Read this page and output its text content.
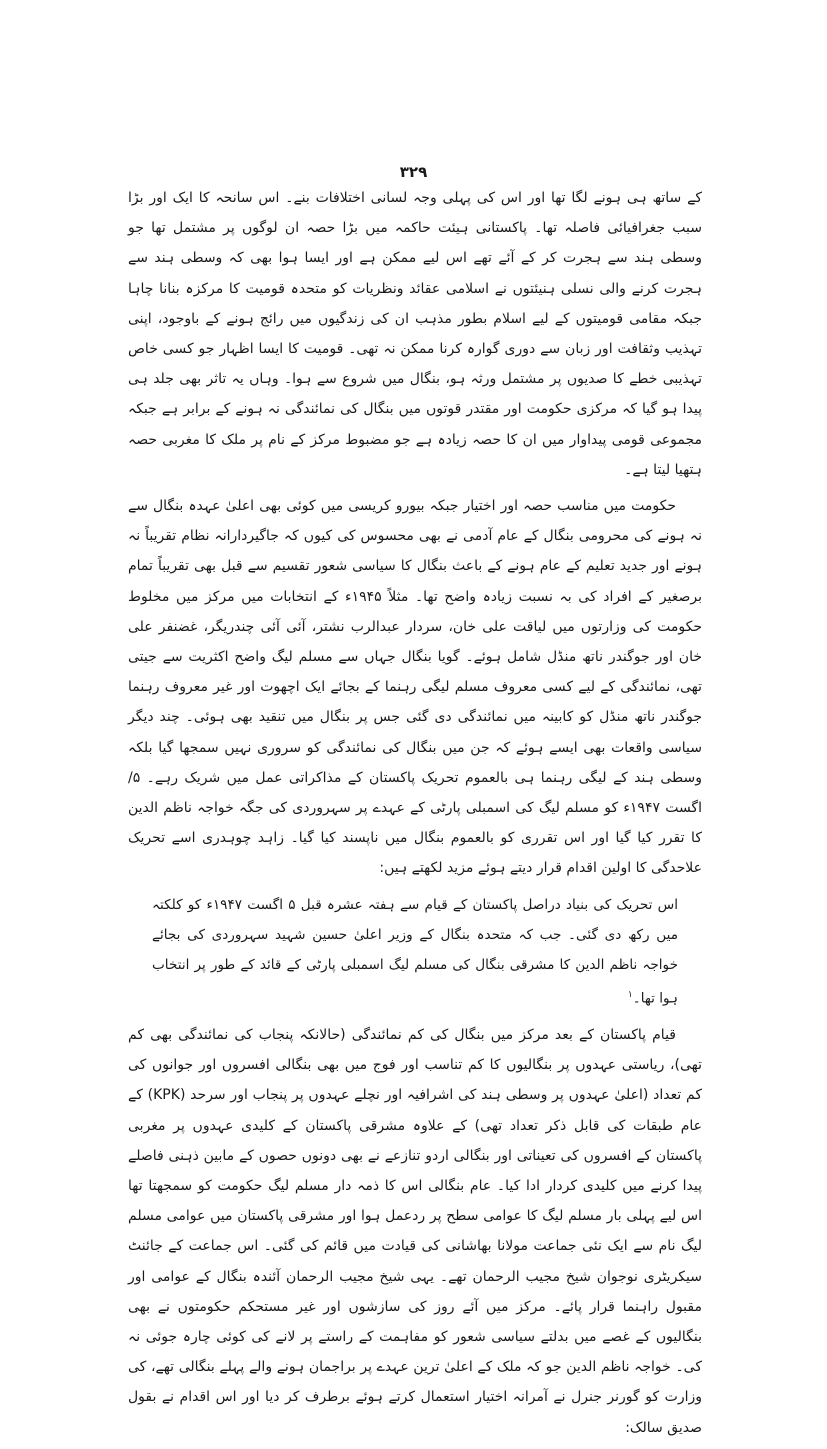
۳۲۹

کے ساتھ ہی ہونے لگا تھا اور اس کی پہلی وجہ لسانی اختلافات بنے۔ اس سانحہ کا ایک اور بڑا سبب جغرافیائی فاصلہ تھا۔ پاکستانی ہیئت حاکمہ میں بڑا حصہ ان لوگوں پر مشتمل تھا جو وسطی ہند سے ہجرت کر کے آئے تھے اس لیے ممکن ہے اور ایسا ہوا بھی کہ وسطی ہند سے ہجرت کرنے والی نسلی ہنیئتوں نے اسلامی عقائد ونظریات کو متحدہ قومیت کا مرکزہ بنانا چاہا جبکہ مقامی قومیتوں کے لیے اسلام بطور مذہب ان کی زندگیوں میں رائج ہونے کے باوجود، اپنی تہذیب وثقافت اور زبان سے دوری گوارہ کرنا ممکن نہ تھی۔ قومیت کا ایسا اظہار جو کسی خاص تہذیبی خطے کا صدیوں پر مشتمل ورثہ ہو، بنگال میں شروع سے ہوا۔ وہاں یہ تاثر بھی جلد ہی پیدا ہو گیا کہ مرکزی حکومت اور مقتدر قوتوں میں بنگال کی نمائندگی نہ ہونے کے برابر ہے جبکہ مجموعی قومی پیداوار میں ان کا حصہ زیادہ ہے جو مضبوط مرکز کے نام پر ملک کا مغربی حصہ ہتھیا لیتا ہے۔

حکومت میں مناسب حصہ اور اختیار جبکہ بیورو کریسی میں کوئی بھی اعلیٰ عہدہ بنگال سے نہ ہونے کی محرومی بنگال کے عام آدمی نے بھی محسوس کی کیوں کہ جاگیردارانہ نظام تقریباً نہ ہونے اور جدید تعلیم کے عام ہونے کے باعث بنگال کا سیاسی شعور تقسیم سے قبل بھی تقریباً تمام برصغیر کے افراد کی بہ نسبت زیادہ واضح تھا۔ مثلاً ۱۹۴۵ء کے انتخابات میں مرکز میں مخلوط حکومت کی وزارتوں میں لیاقت علی خان، سردار عبدالرب نشتر، آئی آئی چندریگر، غضنفر علی خان اور جوگندر ناتھ منڈل شامل ہوئے۔ گویا بنگال جہاں سے مسلم لیگ واضح اکثریت سے جیتی تھی، نمائندگی کے لیے کسی معروف مسلم لیگی رہنما کے بجائے ایک اچھوت اور غیر معروف رہنما جوگندر ناتھ منڈل کو کابینہ میں نمائندگی دی گئی جس پر بنگال میں تنقید بھی ہوئی۔ چند دیگر سیاسی واقعات بھی ایسے ہوئے کہ جن میں بنگال کی نمائندگی کو سروری نہیں سمجھا گیا بلکہ وسطی ہند کے لیگی رہنما ہی بالعموم تحریک پاکستان کے مذاکراتی عمل میں شریک رہے۔ ۵/اگست ۱۹۴۷ء کو مسلم لیگ کی اسمبلی پارٹی کے عہدے پر سہروردی کی جگہ خواجہ ناظم الدین کا تقرر کیا گیا اور اس تقرری کو بالعموم بنگال میں ناپسند کیا گیا۔ زاہد چوہدری اسے تحریک علاحدگی کا اولین اقدام قرار دیتے ہوئے مزید لکھتے ہیں:

اس تحریک کی بنیاد دراصل پاکستان کے قیام سے ہفتہ عشرہ قبل ۵ اگست ۱۹۴۷ء کو کلکتہ میں رکھ دی گئی۔ جب کہ متحدہ بنگال کے وزیر اعلیٰ حسین شہید سہروردی کی بجائے خواجہ ناظم الدین کا مشرقی بنگال کی مسلم لیگ اسمبلی پارٹی کے قائد کے طور پر انتخاب ہوا تھا۔$^۱$

قیام پاکستان کے بعد مرکز میں بنگال کی کم نمائندگی (حالانکہ پنجاب کی نمائندگی بھی کم تھی)، ریاستی عہدوں پر بنگالیوں کا کم تناسب اور فوج میں بھی بنگالی افسروں اور جوانوں کی کم تعداد (اعلیٰ عہدوں پر وسطی ہند کی اشرافیہ اور نچلے عہدوں پر پنجاب اور سرحد (KPK) کے عام طبقات کی قابل ذکر تعداد تھی) کے علاوہ مشرقی پاکستان کے کلیدی عہدوں پر مغربی پاکستان کے افسروں کی تعیناتی اور بنگالی اردو تنازعے نے بھی دونوں حصوں کے مابین ذہنی فاصلے پیدا کرنے میں کلیدی کردار ادا کیا۔ عام بنگالی اس کا ذمہ دار مسلم لیگ حکومت کو سمجھتا تھا اس لیے پہلی بار مسلم لیگ کا عوامی سطح پر ردعمل ہوا اور مشرقی پاکستان میں عوامی مسلم لیگ نام سے ایک نئی جماعت مولانا بھاشانی کی قیادت میں قائم کی گئی۔ اس جماعت کے جائنٹ سیکریٹری نوجوان شیخ مجیب الرحمان تھے۔ یہی شیخ مجیب الرحمان آئندہ بنگال کے عوامی اور مقبول راہنما قرار پائے۔ مرکز میں آئے روز کی سازشوں اور غیر مستحکم حکومتوں نے بھی بنگالیوں کے غصے میں بدلتے سیاسی شعور کو مفاہمت کے راستے پر لانے کی کوئی چارہ جوئی نہ کی۔ خواجہ ناظم الدین جو کہ ملک کے اعلیٰ ترین عہدے پر براجمان ہونے والے پہلے بنگالی تھے، کی وزارت کو گورنر جنرل نے آمرانہ اختیار استعمال کرتے ہوئے برطرف کر دیا اور اس اقدام نے بقول صدیق سالک:
